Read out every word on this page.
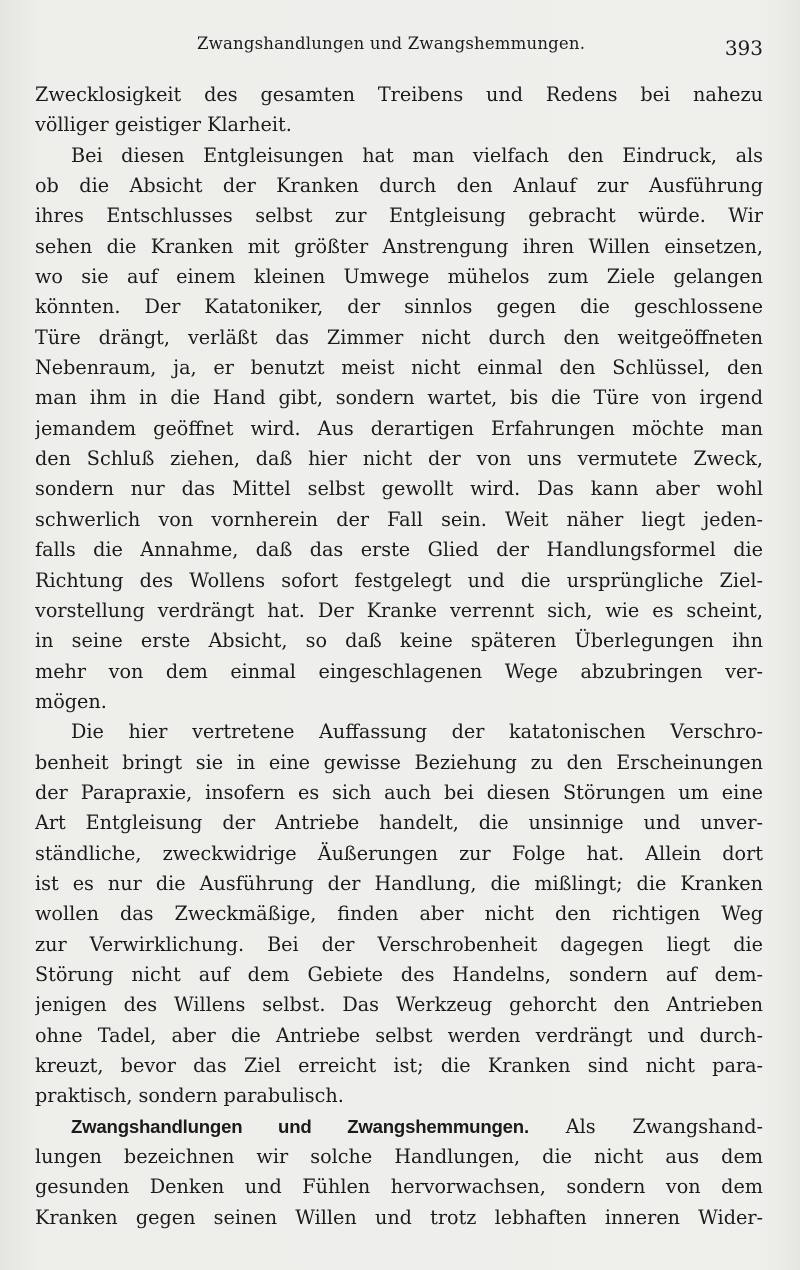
Zwangshandlungen und Zwangshemmungen.	393
Zwecklosigkeit des gesamten Treibens und Redens bei nahezu
völliger geistiger Klarheit.
Bei diesen Entgleisungen hat man vielfach den Eindruck, als
ob die Absicht der Kranken durch den Anlauf zur Ausführung
ihres Entschlusses selbst zur Entgleisung gebracht würde. Wir
sehen die Kranken mit größter Anstrengung ihren Willen einsetzen,
wo sie auf einem kleinen Umwege mühelos zum Ziele gelangen
könnten. Der Katatoniker, der sinnlos gegen die geschlossene
Türe drängt, verläßt das Zimmer nicht durch den weitgeöffneten
Nebenraum, ja, er benutzt meist nicht einmal den Schlüssel, den
man ihm in die Hand gibt, sondern wartet, bis die Türe von irgend
jemandem geöffnet wird. Aus derartigen Erfahrungen möchte man
den Schluß ziehen, daß hier nicht der von uns vermutete Zweck,
sondern nur das Mittel selbst gewollt wird. Das kann aber wohl
schwerlich von vornherein der Fall sein. Weit näher liegt jeden-
falls die Annahme, daß das erste Glied der Handlungsformel die
Richtung des Wollens sofort festgelegt und die ursprüngliche Ziel-
vorstellung verdrängt hat. Der Kranke verrennt sich, wie es scheint,
in seine erste Absicht, so daß keine späteren Überlegungen ihn
mehr von dem einmal eingeschlagenen Wege abzubringen ver-
mögen.
Die hier vertretene Auffassung der katatonischen Verschro-
benheit bringt sie in eine gewisse Beziehung zu den Erscheinungen
der Parapraxie, insofern es sich auch bei diesen Störungen um eine
Art Entgleisung der Antriebe handelt, die unsinnige und unver-
ständliche, zweckwidrige Äußerungen zur Folge hat. Allein dort
ist es nur die Ausführung der Handlung, die mißlingt; die Kranken
wollen das Zweckmäßige, finden aber nicht den richtigen Weg
zur Verwirklichung. Bei der Verschrobenheit dagegen liegt die
Störung nicht auf dem Gebiete des Handelns, sondern auf dem-
jenigen des Willens selbst. Das Werkzeug gehorcht den Antrieben
ohne Tadel, aber die Antriebe selbst werden verdrängt und durch-
kreuzt, bevor das Ziel erreicht ist; die Kranken sind nicht para-
praktisch, sondern parabulisch.
Zwangshandlungen und Zwangshemmungen. Als Zwangshand-
lungen bezeichnen wir solche Handlungen, die nicht aus dem
gesunden Denken und Fühlen hervorwachsen, sondern von dem
Kranken gegen seinen Willen und trotz lebhaften inneren Wider-
